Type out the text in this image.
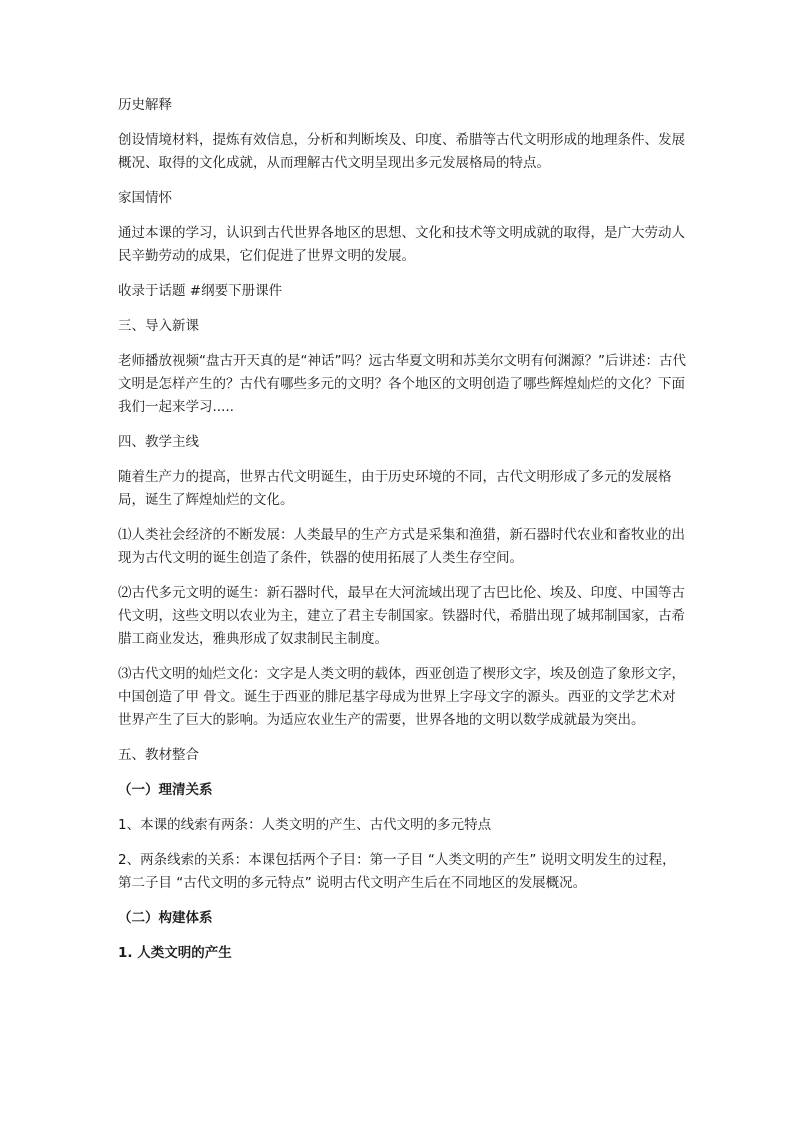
历史解释

创设情境材料，提炼有效信息，分析和判断埃及、印度、希腊等古代文明形成的地理条件、发展概况、取得的文化成就，从而理解古代文明呈现出多元发展格局的特点。

家国情怀

通过本课的学习，认识到古代世界各地区的思想、文化和技术等文明成就的取得，是广大劳动人民辛勤劳动的成果，它们促进了世界文明的发展。

收录于话题 #纲要下册课件

三、导入新课

老师播放视频“盘古开天真的是“神话”吗？远古华夏文明和苏美尔文明有何渊源？”后讲述：古代文明是怎样产生的？古代有哪些多元的文明？各个地区的文明创造了哪些辉煌灿烂的文化？下面我们一起来学习.....

四、教学主线

随着生产力的提高，世界古代文明诞生，由于历史环境的不同，古代文明形成了多元的发展格局，诞生了辉煌灿烂的文化。

⑴人类社会经济的不断发展：人类最早的生产方式是采集和渔猎，新石器时代农业和畜牧业的出现为古代文明的诞生创造了条件，铁器的使用拓展了人类生存空间。

⑵古代多元文明的诞生：新石器时代，最早在大河流域出现了古巴比伦、埃及、印度、中国等古代文明，这些文明以农业为主，建立了君主专制国家。铁器时代，希腊出现了城邦制国家，古希腊工商业发达，雅典形成了奴隶制民主制度。

⑶古代文明的灿烂文化：文字是人类文明的载体，西亚创造了楔形文字，埃及创造了象形文字，中国创造了甲 骨文。诞生于西亚的腓尼基字母成为世界上字母文字的源头。西亚的文学艺术对世界产生了巨大的影响。为适应农业生产的需要，世界各地的文明以数学成就最为突出。

五、教材整合

（一）理清关系

1、本课的线索有两条：人类文明的产生、古代文明的多元特点

2、两条线索的关系：本课包括两个子目：第一子目 “人类文明的产生” 说明文明发生的过程，第二子目 “古代文明的多元特点” 说明古代文明产生后在不同地区的发展概况。

（二）构建体系

1. 人类文明的产生
